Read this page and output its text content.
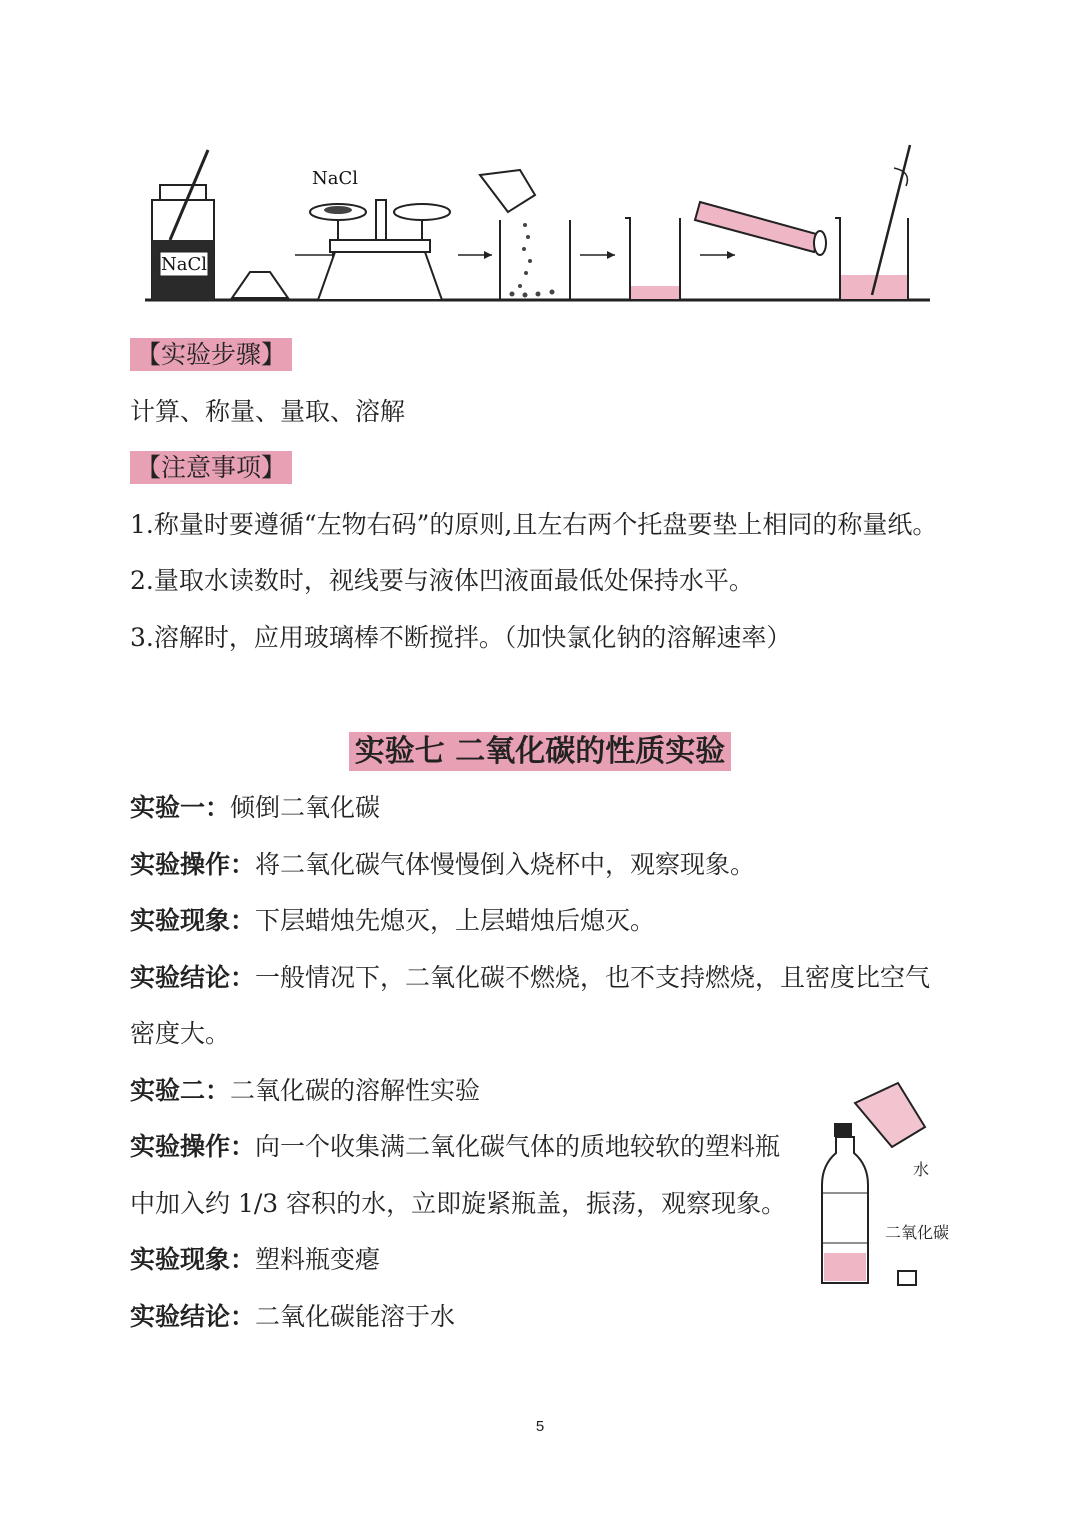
NaCl
NaCl
【实验步骤】
计算、称量、量取、溶解
【注意事项】
1.称量时要遵循“左物右码”的原则,且左右两个托盘要垫上相同的称量纸。
2.量取水读数时，视线要与液体凹液面最低处保持水平。
3.溶解时，应用玻璃棒不断搅拌。（加快氯化钠的溶解速率）
实验七 二氧化碳的性质实验
实验一：倾倒二氧化碳
实验操作：将二氧化碳气体慢慢倒入烧杯中，观察现象。
实验现象：下层蜡烛先熄灭，上层蜡烛后熄灭。
实验结论：一般情况下，二氧化碳不燃烧，也不支持燃烧，且密度比空气
密度大。
实验二：二氧化碳的溶解性实验
实验操作：向一个收集满二氧化碳气体的质地较软的塑料瓶
中加入约 1/3 容积的水，立即旋紧瓶盖，振荡，观察现象。
实验现象：塑料瓶变瘪
实验结论：二氧化碳能溶于水
水
二氧化碳
5
